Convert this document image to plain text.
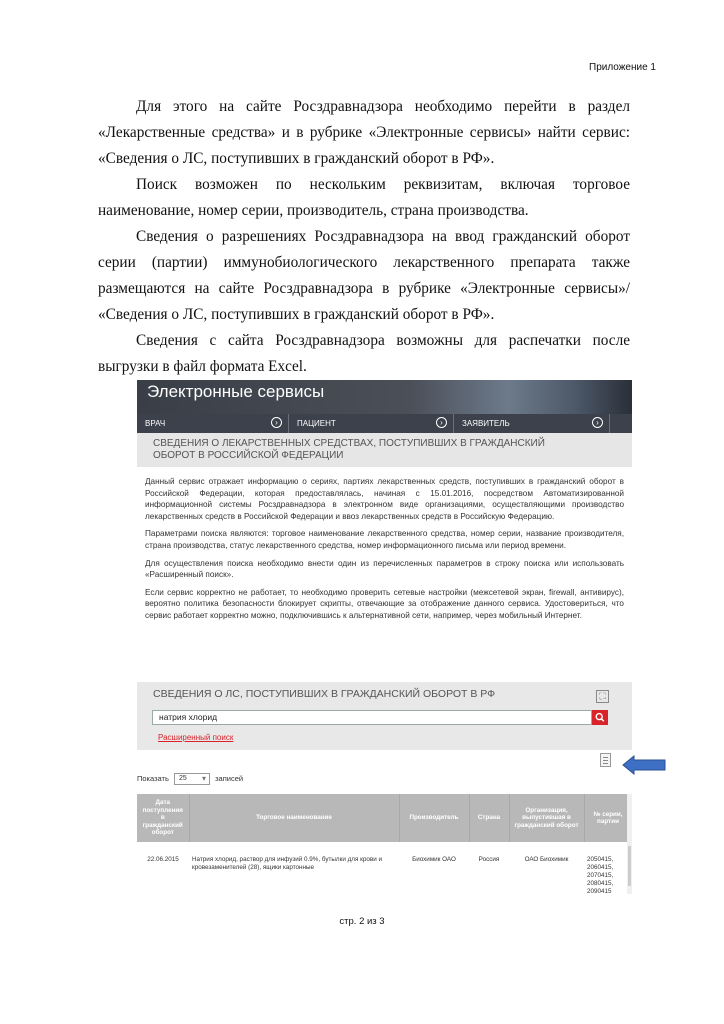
Приложение 1

Для этого на сайте Росздравнадзора необходимо перейти в раздел «Лекарственные средства» и в рубрике «Электронные сервисы» найти сервис: «Сведения о ЛС, поступивших в гражданский оборот в РФ».

Поиск возможен по нескольким реквизитам, включая торговое наименование, номер серии, производитель, страна производства.

Сведения о разрешениях Росздравнадзора на ввод гражданский оборот серии (партии) иммунобиологического лекарственного препарата также размещаются на сайте Росздравнадзора в рубрике «Электронные сервисы»/ «Сведения о ЛС, поступивших в гражданский оборот в РФ».

Сведения с сайта Росздравнадзора возможны для распечатки после выгрузки в файл формата Excel.

Электронные сервисы
ВРАЧ	›	ПАЦИЕНТ	›	ЗАЯВИТЕЛЬ	›
СВЕДЕНИЯ О ЛЕКАРСТВЕННЫХ СРЕДСТВАХ, ПОСТУПИВШИХ В ГРАЖДАНСКИЙ ОБОРОТ В РОССИЙСКОЙ ФЕДЕРАЦИИ

Данный сервис отражает информацию о сериях, партиях лекарственных средств, поступивших в гражданский оборот в Российской Федерации, которая предоставлялась, начиная с 15.01.2016, посредством Автоматизированной информационной системы Росздравнадзора в электронном виде организациями, осуществляющими производство лекарственных средств в Российской Федерации и ввоз лекарственных средств в Российскую Федерацию.

Параметрами поиска являются: торговое наименование лекарственного средства, номер серии, название производителя, страна производства, статус лекарственного средства, номер информационного письма или период времени.

Для осуществления поиска необходимо внести один из перечисленных параметров в строку поиска или использовать «Расширенный поиск».

Если сервис корректно не работает, то необходимо проверить сетевые настройки (межсетевой экран, firewall, антивирус), вероятно политика безопасности блокирует скрипты, отвечающие за отображение данного сервиса. Удостовериться, что сервис работает корректно можно, подключившись к альтернативной сети, например, через мобильный Интернет.

СВЕДЕНИЯ О ЛС, ПОСТУПИВШИХ В ГРАЖДАНСКИЙ ОБОРОТ В РФ	⛶
натрия хлорид
Расширенный поиск
Показать 25 ▾	записей
Дата поступления в гражданский оборот	Торговое наименование	Производитель	Страна	Организация, выпустившая в гражданский оборот	№ серии, партии
22.06.2015	Натрия хлорид, раствор для инфузий 0.9%, бутылки для крови и кровезаменителей (28), ящики картонные	Биохимик ОАО	Россия	ОАО Биохимик	2050415,
2060415,
2070415,
2080415,
2090415
стр. 2 из 3
